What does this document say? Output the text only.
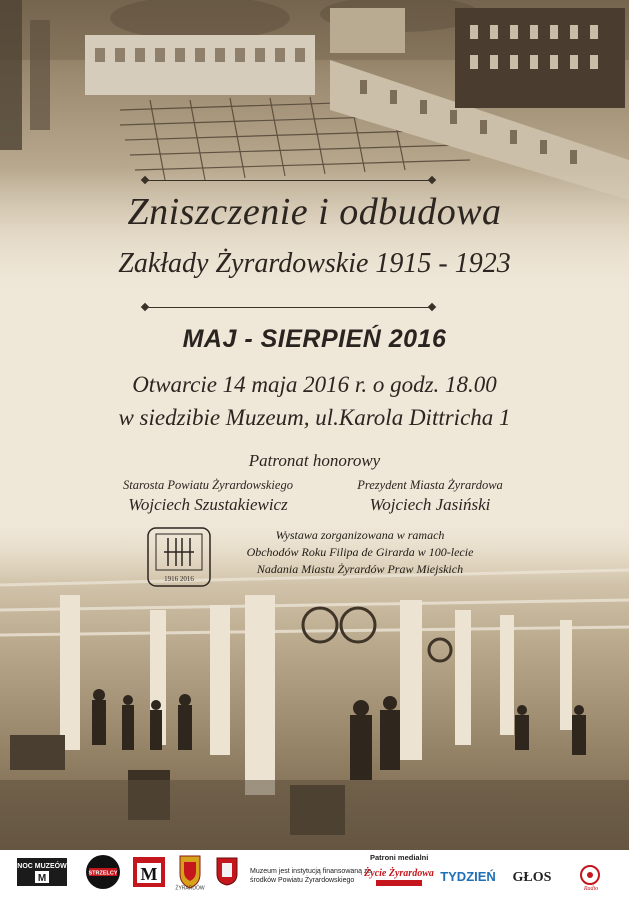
Zniszczenie i odbudowa
Zakłady Żyrardowskie 1915 - 1923
MAJ - SIERPIEŃ 2016
Otwarcie 14 maja 2016 r. o godz. 18.00
w siedzibie Muzeum, ul.Karola Dittricha 1
Patronat honorowy
Starosta Powiatu Żyrardowskiego
Wojciech Szustakiewicz
Prezydent Miasta Żyrardowa
Wojciech Jasiński
1916 2016
Wystawa zorganizowana w ramach
Obchodów Roku Filipa de Girarda w 100-lecie
Nadania Miastu Żyrardów Praw Miejskich
NOC MUZEÓW
M	STRZELCY M
ŻYRARDÓW
Muzeum jest instytucją finansowaną ze środków Powiatu Żyrardowskiego
Patroni medialni
Życie Żyrardowa TYDZIEŃ GŁOS
Radio
